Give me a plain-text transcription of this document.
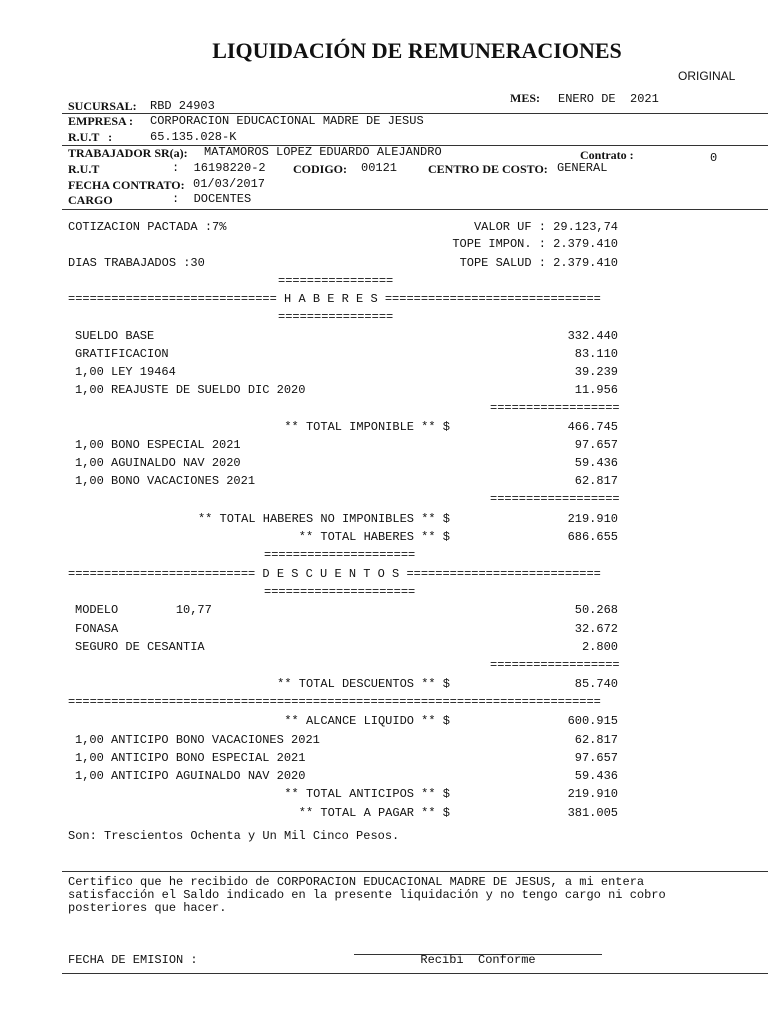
LIQUIDACIÓN DE REMUNERACIONES
ORIGINAL
MES: ENERO DE  2021
SUCURSAL: RBD 24903
EMPRESA : CORPORACION EDUCACIONAL MADRE DE JESUS
R.U.T   :	65.135.028-K
TRABAJADOR SR(a): MATAMOROS LOPEZ EDUARDO ALEJANDRO	Contrato :	0
R.U.T	:  16198220-2 CODIGO: 00121	CENTRO DE COSTO: GENERAL
FECHA CONTRATO: 01/03/2017
CARGO	:  DOCENTES
COTIZACION PACTADA :7%	VALOR UF : 29.123,74
TOPE IMPON. : 2.379.410
DIAS TRABAJADOS :30	TOPE SALUD : 2.379.410
================
============================= H A B E R E S ==============================
================
SUELDO BASE	332.440
GRATIFICACION	83.110
1,00 LEY 19464	39.239
1,00 REAJUSTE DE SUELDO DIC 2020	11.956
==================
** TOTAL IMPONIBLE ** $	466.745
1,00 BONO ESPECIAL 2021	97.657
1,00 AGUINALDO NAV 2020	59.436
1,00 BONO VACACIONES 2021	62.817
==================
** TOTAL HABERES NO IMPONIBLES ** $	219.910
** TOTAL HABERES ** $	686.655
=====================
========================== D E S C U E N T O S ===========================
=====================
MODELO        10,77	50.268
FONASA	32.672
SEGURO DE CESANTIA	2.800
==================
** TOTAL DESCUENTOS ** $	85.740
==========================================================================
** ALCANCE LIQUIDO ** $	600.915
1,00 ANTICIPO BONO VACACIONES 2021	62.817
1,00 ANTICIPO BONO ESPECIAL 2021	97.657
1,00 ANTICIPO AGUINALDO NAV 2020	59.436
** TOTAL ANTICIPOS ** $	219.910
** TOTAL A PAGAR ** $	381.005
Son: Trescientos Ochenta y Un Mil Cinco Pesos.
Certifico que he recibido de CORPORACION EDUCACIONAL MADRE DE JESUS, a mi entera
satisfacción el Saldo indicado en la presente liquidación y no tengo cargo ni cobro
posteriores que hacer.
FECHA DE EMISION :	Recibi  Conforme
